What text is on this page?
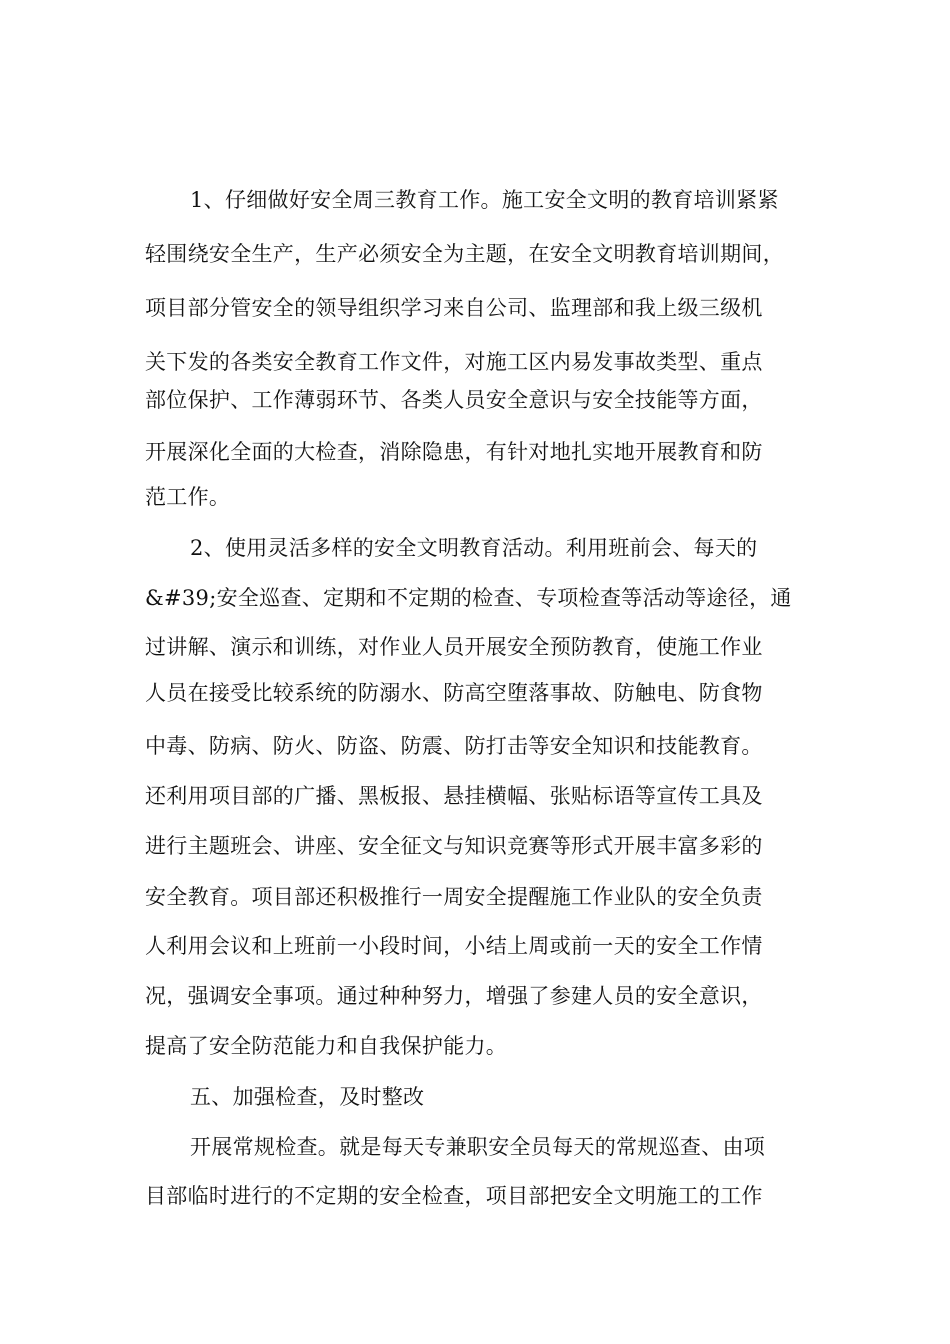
1、仔细做好安全周三教育工作。施工安全文明的教育培训紧紧
轻围绕安全生产，生产必须安全为主题，在安全文明教育培训期间，
项目部分管安全的领导组织学习来自公司、监理部和我上级三级机
关下发的各类安全教育工作文件，对施工区内易发事故类型、重点
部位保护、工作薄弱环节、各类人员安全意识与安全技能等方面，
开展深化全面的大检查，消除隐患，有针对地扎实地开展教育和防
范工作。
2、使用灵活多样的安全文明教育活动。利用班前会、每天的
&#39;安全巡查、定期和不定期的检查、专项检查等活动等途径，通
过讲解、演示和训练，对作业人员开展安全预防教育，使施工作业
人员在接受比较系统的防溺水、防高空堕落事故、防触电、防食物
中毒、防病、防火、防盗、防震、防打击等安全知识和技能教育。
还利用项目部的广播、黑板报、悬挂横幅、张贴标语等宣传工具及
进行主题班会、讲座、安全征文与知识竞赛等形式开展丰富多彩的
安全教育。项目部还积极推行一周安全提醒施工作业队的安全负责
人利用会议和上班前一小段时间，小结上周或前一天的安全工作情
况，强调安全事项。通过种种努力，增强了参建人员的安全意识，
提高了安全防范能力和自我保护能力。
五、加强检查，及时整改
开展常规检查。就是每天专兼职安全员每天的常规巡查、由项
目部临时进行的不定期的安全检查，项目部把安全文明施工的工作
